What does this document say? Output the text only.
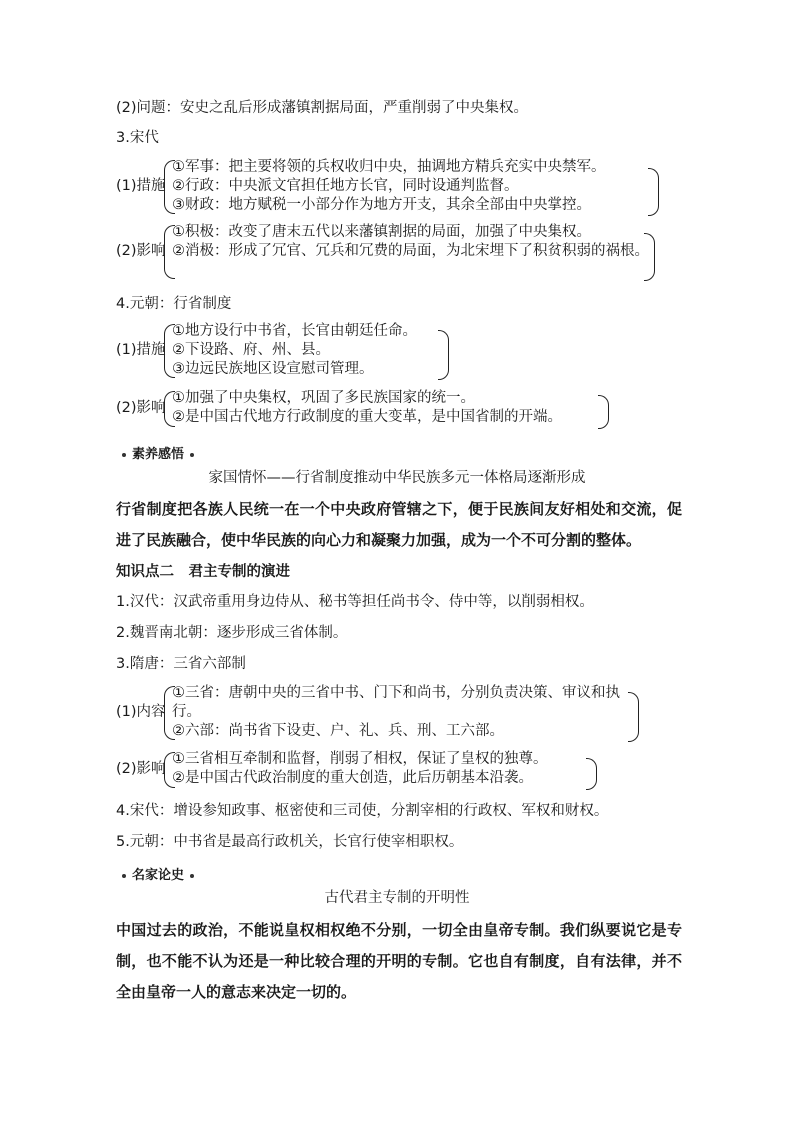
(2)问题：安史之乱后形成藩镇割据局面，严重削弱了中央集权。
3.宋代
(1)措施
①军事：把主要将领的兵权收归中央，抽调地方精兵充实中央禁军。
②行政：中央派文官担任地方长官，同时设通判监督。
③财政：地方赋税一小部分作为地方开支，其余全部由中央掌控。
(2)影响
①积极：改变了唐末五代以来藩镇割据的局面，加强了中央集权。
②消极：形成了冗官、冗兵和冗费的局面，为北宋埋下了积贫积弱的祸根。
4.元朝：行省制度
(1)措施
①地方设行中书省，长官由朝廷任命。
②下设路、府、州、县。
③边远民族地区设宣慰司管理。
(2)影响
①加强了中央集权，巩固了多民族国家的统一。
②是中国古代地方行政制度的重大变革，是中国省制的开端。
素养感悟
家国情怀——行省制度推动中华民族多元一体格局逐渐形成
行省制度把各族人民统一在一个中央政府管辖之下，便于民族间友好相处和交流，促进了民族融合，使中华民族的向心力和凝聚力加强，成为一个不可分割的整体。
知识点二　君主专制的演进
1.汉代：汉武帝重用身边侍从、秘书等担任尚书令、侍中等，以削弱相权。
2.魏晋南北朝：逐步形成三省体制。
3.隋唐：三省六部制
(1)内容
①三省：唐朝中央的三省中书、门下和尚书，分别负责决策、审议和执行。
②六部：尚书省下设吏、户、礼、兵、刑、工六部。
(2)影响
①三省相互牵制和监督，削弱了相权，保证了皇权的独尊。
②是中国古代政治制度的重大创造，此后历朝基本沿袭。
4.宋代：增设参知政事、枢密使和三司使，分割宰相的行政权、军权和财权。
5.元朝：中书省是最高行政机关，长官行使宰相职权。
名家论史
古代君主专制的开明性
中国过去的政治，不能说皇权相权绝不分别，一切全由皇帝专制。我们纵要说它是专制，也不能不认为还是一种比较合理的开明的专制。它也自有制度，自有法律，并不全由皇帝一人的意志来决定一切的。
